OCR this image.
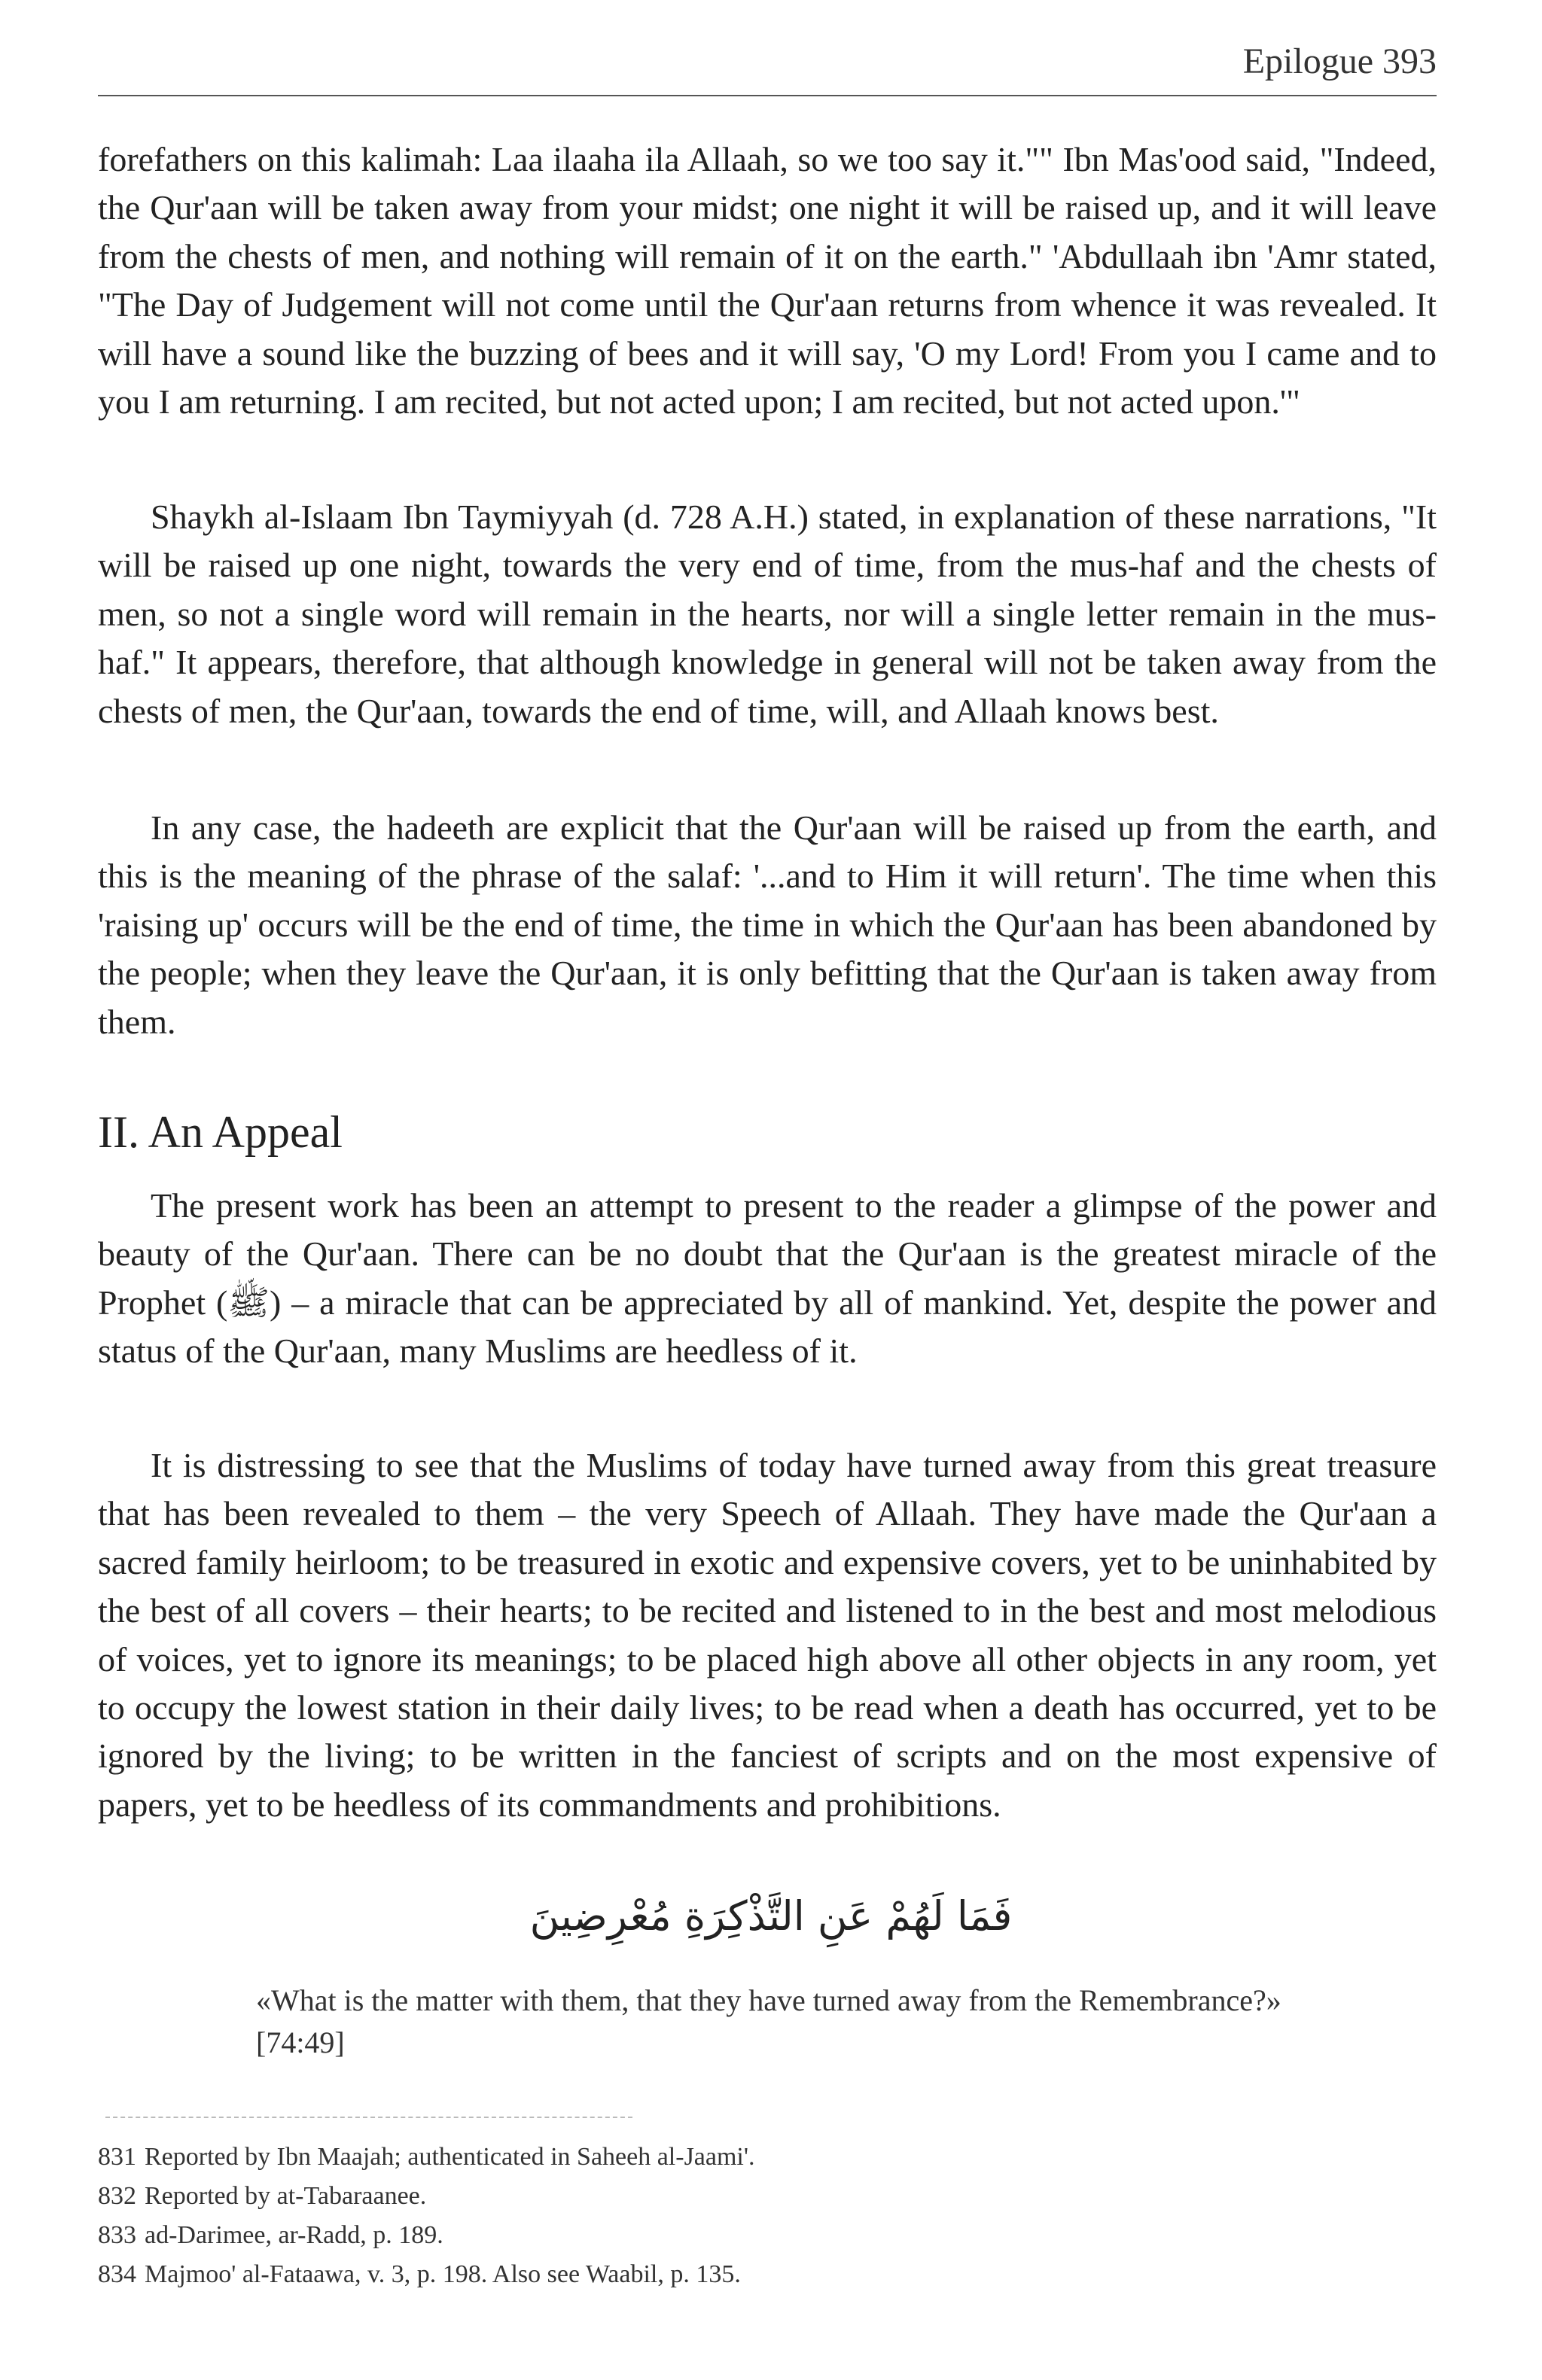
Epilogue 393

forefathers on this kalimah: Laa ilaaha ila Allaah, so we too say it."" Ibn Mas'ood said, "Indeed, the Qur'aan will be taken away from your midst; one night it will be raised up, and it will leave from the chests of men, and nothing will remain of it on the earth." 'Abdullaah ibn 'Amr stated, "The Day of Judgement will not come until the Qur'aan returns from whence it was revealed. It will have a sound like the buzzing of bees and it will say, 'O my Lord! From you I came and to you I am returning. I am recited, but not acted upon; I am recited, but not acted upon.'"

Shaykh al-Islaam Ibn Taymiyyah (d. 728 A.H.) stated, in explanation of these narrations, "It will be raised up one night, towards the very end of time, from the mus-haf and the chests of men, so not a single word will remain in the hearts, nor will a single letter remain in the mus-haf." It appears, therefore, that although knowledge in general will not be taken away from the chests of men, the Qur'aan, towards the end of time, will, and Allaah knows best.

In any case, the hadeeth are explicit that the Qur'aan will be raised up from the earth, and this is the meaning of the phrase of the salaf: '...and to Him it will return'. The time when this 'raising up' occurs will be the end of time, the time in which the Qur'aan has been abandoned by the people; when they leave the Qur'aan, it is only befitting that the Qur'aan is taken away from them.

II. An Appeal

The present work has been an attempt to present to the reader a glimpse of the power and beauty of the Qur'aan. There can be no doubt that the Qur'aan is the greatest miracle of the Prophet (ﷺ) – a miracle that can be appreciated by all of mankind. Yet, despite the power and status of the Qur'aan, many Muslims are heedless of it.

It is distressing to see that the Muslims of today have turned away from this great treasure that has been revealed to them – the very Speech of Allaah. They have made the Qur'aan a sacred family heirloom; to be treasured in exotic and expensive covers, yet to be uninhabited by the best of all covers – their hearts; to be recited and listened to in the best and most melodious of voices, yet to ignore its meanings; to be placed high above all other objects in any room, yet to occupy the lowest station in their daily lives; to be read when a death has occurred, yet to be ignored by the living; to be written in the fanciest of scripts and on the most expensive of papers, yet to be heedless of its commandments and prohibitions.

فَمَا لَهُمْ عَنِ التَّذْكِرَةِ مُعْرِضِينَ
«What is the matter with them, that they have turned away from the Remembrance?» [74:49]
831 Reported by Ibn Maajah; authenticated in Saheeh al-Jaami'.
832 Reported by at-Tabaraanee.
833 ad-Darimee, ar-Radd, p. 189.
834 Majmoo' al-Fataawa, v. 3, p. 198. Also see Waabil, p. 135.
